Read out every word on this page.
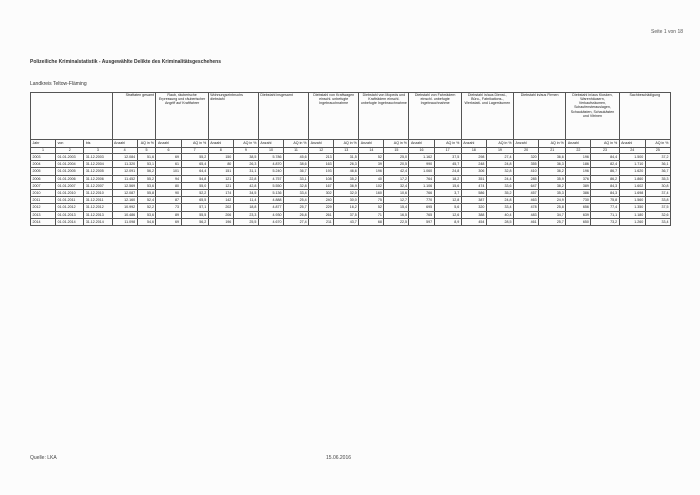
Seite 1 von 18
Polizeiliche Kriminalstatistik - Ausgewählte Delikte des Kriminalitätsgeschehens
Landkreis Teltow-Fläming
			Straftaten gesamt		Raub, räuberische Erpressung und räuberischer Angriff auf Kraftfahrer		Wohnungseinbruchs diebstahl		Diebstahl insgesamt		Diebstahl von Kraftwagen einschl. unbefugte Ingebrauchnahme		Diebstahl von Mopeds und Krafträdern einschl. unbefugte Ingebrauchnahme		Diebstahl von Fahrrädern einschl. unbefugte Ingebrauchnahme		Diebstahl in/aus Dienst-, Büro-, Fabrikations-, Werkstatt- und Lagerräumen		Diebstahl in/aus Firmen		Diebstahl in/aus Kiosken, Warenhäusern, Verkaufsräumen, Schaufensterauslagen, Schaukästen, Schaukästen und Vitrinen		Sachbeschädigung	
Jahr	von	bis	Anzahl	AQ in %	Anzahl	AQ in %	Anzahl	AQ in %	Anzahl	AQ in %	Anzahl	AQ in %	Anzahl	AQ in %	Anzahl	AQ in %	Anzahl	AQ in %	Anzahl	AQ in %	Anzahl	AQ in %	Anzahl	AQ in %
1	2	3	4	5	6	7	8	9	10	11	12	13	14	15	16	17	18	19	20	21	22	23	24	25
2003	01.01.2003	31.12.2003	12.084	51,6	69	55,2	150	38,5	5.786	45,6	213	31,5	52	25,0	1.162	37,5	298	27,4	320	36,6	196	84,4	1.500	37,2
2004	01.01.2004	31.12.2004	11.320	53,1	61	65,4	80	26,3	4.870	38,6	163	26,3	39	20,5	990	45,7	248	24,8	355	36,3	186	82,4	1.710	36,1
2005	01.01.2005	31.12.2005	12.091	56,2	101	64,4	151	31,1	5.240	36,7	193	46,6	196	42,4	1.060	24,8	306	32,8	410	36,2	196	86,7	1.620	36,7
2006	01.01.2006	31.12.2006	11.452	55,2	94	54,8	121	22,8	4.757	33,1	108	35,2	40	17,2	764	18,2	351	24,4	285	35,9	376	86,2	1.860	35,3
2007	01.01.2007	31.12.2007	12.569	53,6	80	55,0	121	42,8	5.550	32,8	167	36,9	102	32,4	1.106	15,6	474	33,6	647	38,2	389	84,3	1.602	30,8
2010	01.01.2010	31.12.2010	12.087	55,8	90	52,2	174	34,5	5.136	33,4	302	32,0	160	10,6	766	3,7	586	35,2	457	35,3	386	84,3	1.698	37,4
2011	01.01.2011	31.12.2011	12.160	52,4	87	65,5	142	11,4	4.888	25,4	240	30,0	75	12,7	770	12,8	387	24,8	463	24,9	730	75,8	1.560	33,8
2012	01.01.2012	31.12.2012	10.992	52,2	73	57,1	202	18,8	4.877	25,7	229	16,2	52	15,4	695	5,6	320	33,4	478	25,8	656	77,4	1.350	37,5
2013	01.01.2013	31.12.2013	10.486	53,6	89	55,5	206	23,3	4.930	26,8	261	37,5	71	16,5	765	12,6	388	40,4	483	34,7	639	71,1	1.180	32,6
2014	01.01.2014	31.12.2014	11.098	54,6	69	56,2	196	25,5	4.670	27,4	211	43,7	68	22,5	597	8,9	454	28,5	461	25,7	650	73,2	1.260	33,4
Quelle: LKA	15.06.2016
